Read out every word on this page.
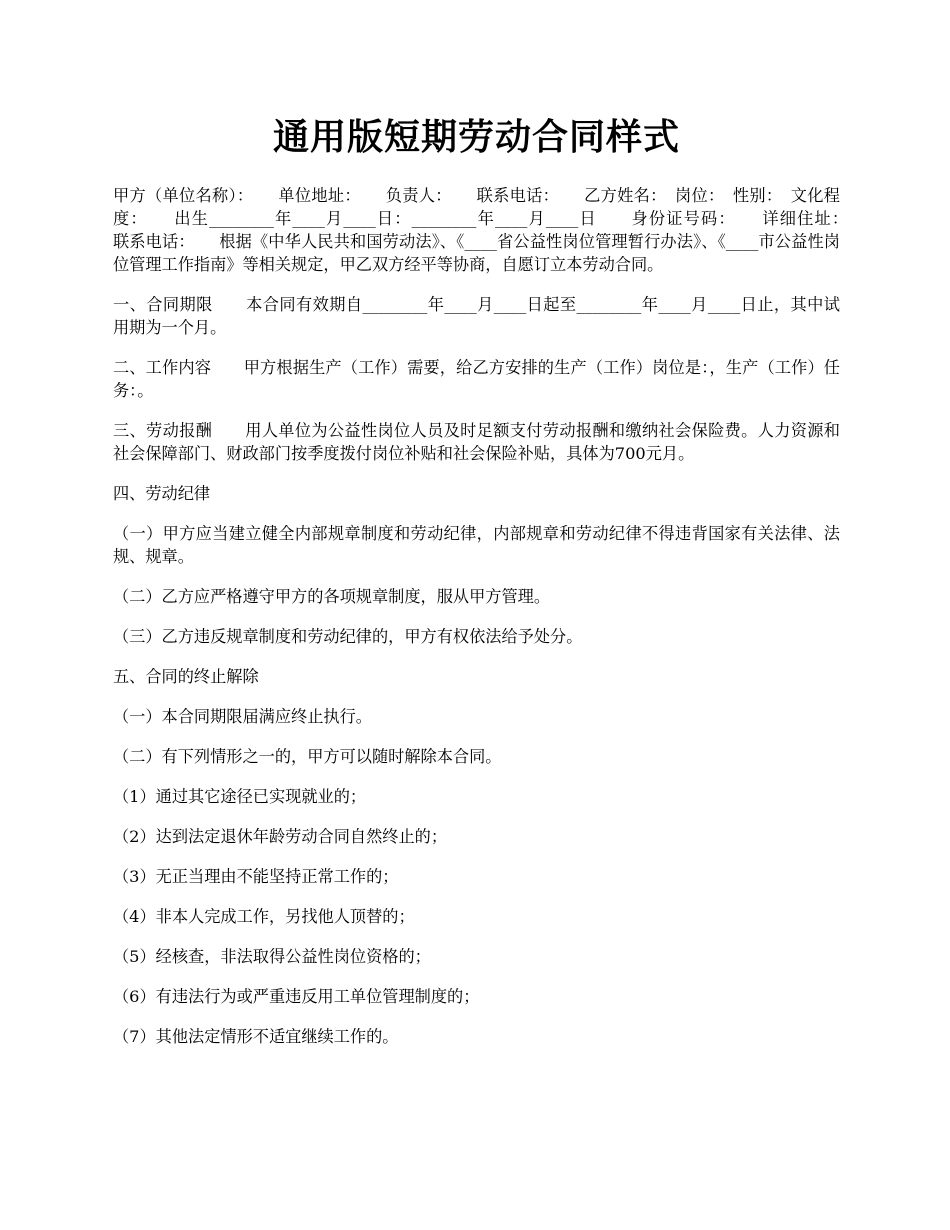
通用版短期劳动合同样式

甲方（单位名称）：　　单位地址：　　负责人：　　联系电话：　　乙方姓名：　岗位：　性别：　文化程度：　　出生________年____月____日：________年____月____日　　身份证号码：　　详细住址：　　联系电话：　　根据《中华人民共和国劳动法》、《____省公益性岗位管理暂行办法》、《____市公益性岗位管理工作指南》等相关规定，甲乙双方经平等协商，自愿订立本劳动合同。

一、合同期限　　本合同有效期自________年____月____日起至________年____月____日止，其中试用期为一个月。

二、工作内容　　甲方根据生产（工作）需要，给乙方安排的生产（工作）岗位是：，生产（工作）任务：。

三、劳动报酬　　用人单位为公益性岗位人员及时足额支付劳动报酬和缴纳社会保险费。人力资源和社会保障部门、财政部门按季度拨付岗位补贴和社会保险补贴，具体为700元月。

四、劳动纪律

（一）甲方应当建立健全内部规章制度和劳动纪律，内部规章和劳动纪律不得违背国家有关法律、法规、规章。

（二）乙方应严格遵守甲方的各项规章制度，服从甲方管理。

（三）乙方违反规章制度和劳动纪律的，甲方有权依法给予处分。

五、合同的终止解除

（一）本合同期限届满应终止执行。

（二）有下列情形之一的，甲方可以随时解除本合同。

（1）通过其它途径已实现就业的；

（2）达到法定退休年龄劳动合同自然终止的；

（3）无正当理由不能坚持正常工作的；

（4）非本人完成工作，另找他人顶替的；

（5）经核查，非法取得公益性岗位资格的；

（6）有违法行为或严重违反用工单位管理制度的；

（7）其他法定情形不适宜继续工作的。
